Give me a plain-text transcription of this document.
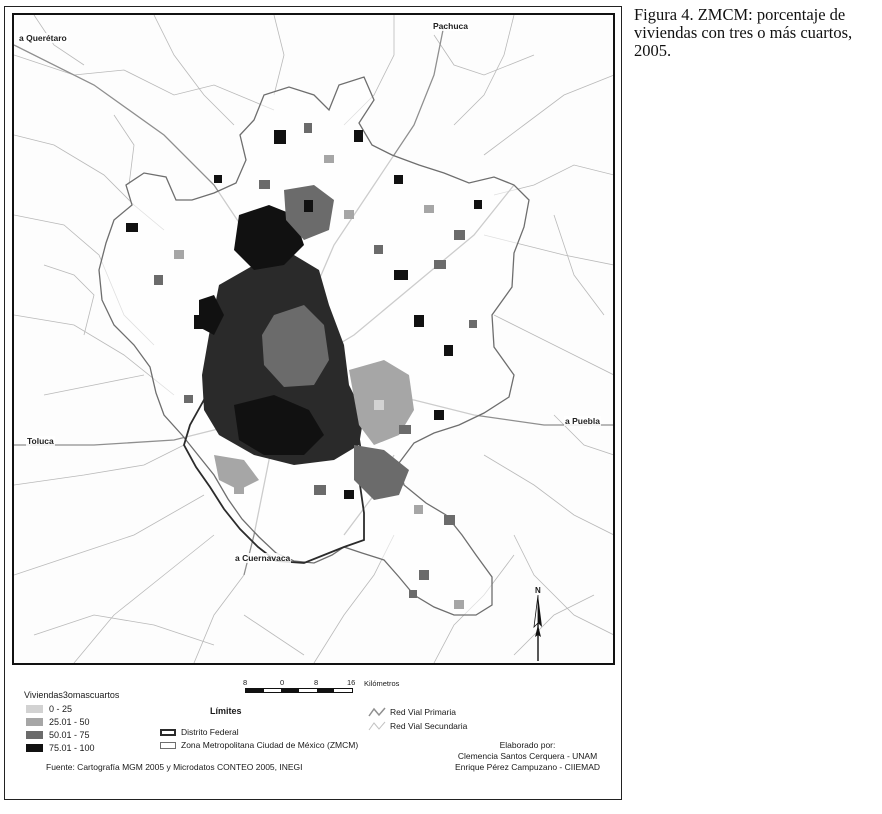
a Querétaro
Pachuca
a Puebla
Toluca
a Cuernavaca
N
Figura 4. ZMCM: porcentaje de
viviendas con tres o más cuartos,
2005.
8	0	8	16 Kilómetros
Viviendas3omascuartos
0 - 25
25.01 - 50
50.01 - 75
75.01 - 100
Límites
Distrito Federal
Zona Metropolitana Ciudad de México (ZMCM)
Red Vial Primaria
Red Vial Secundaria
Elaborado por:
Clemencia Santos Cerquera - UNAM
Enrique Pérez Campuzano - CIIEMAD
Fuente: Cartografía MGM 2005 y Microdatos CONTEO 2005, INEGI
